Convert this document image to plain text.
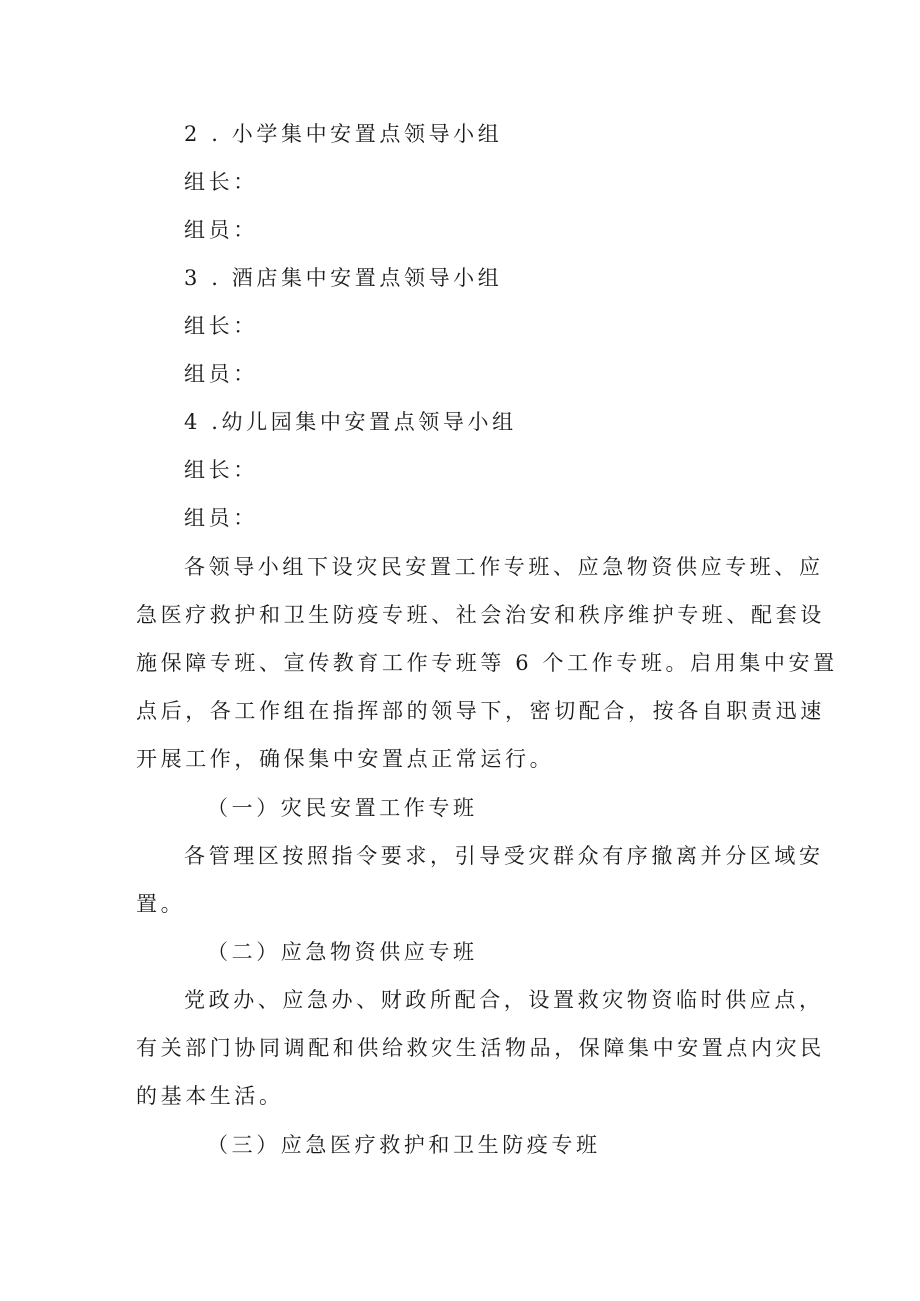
2 . 小学集中安置点领导小组
组长：
组员：
3 . 酒店集中安置点领导小组
组长：
组员：
4 .幼儿园集中安置点领导小组
组长：
组员：
各领导小组下设灾民安置工作专班、应急物资供应专班、应
急医疗救护和卫生防疫专班、社会治安和秩序维护专班、配套设
施保障专班、宣传教育工作专班等 6 个工作专班。启用集中安置
点后，各工作组在指挥部的领导下，密切配合，按各自职责迅速
开展工作，确保集中安置点正常运行。
（一）灾民安置工作专班
各管理区按照指令要求，引导受灾群众有序撤离并分区域安
置。
（二）应急物资供应专班
党政办、应急办、财政所配合，设置救灾物资临时供应点，
有关部门协同调配和供给救灾生活物品，保障集中安置点内灾民
的基本生活。
（三）应急医疗救护和卫生防疫专班
